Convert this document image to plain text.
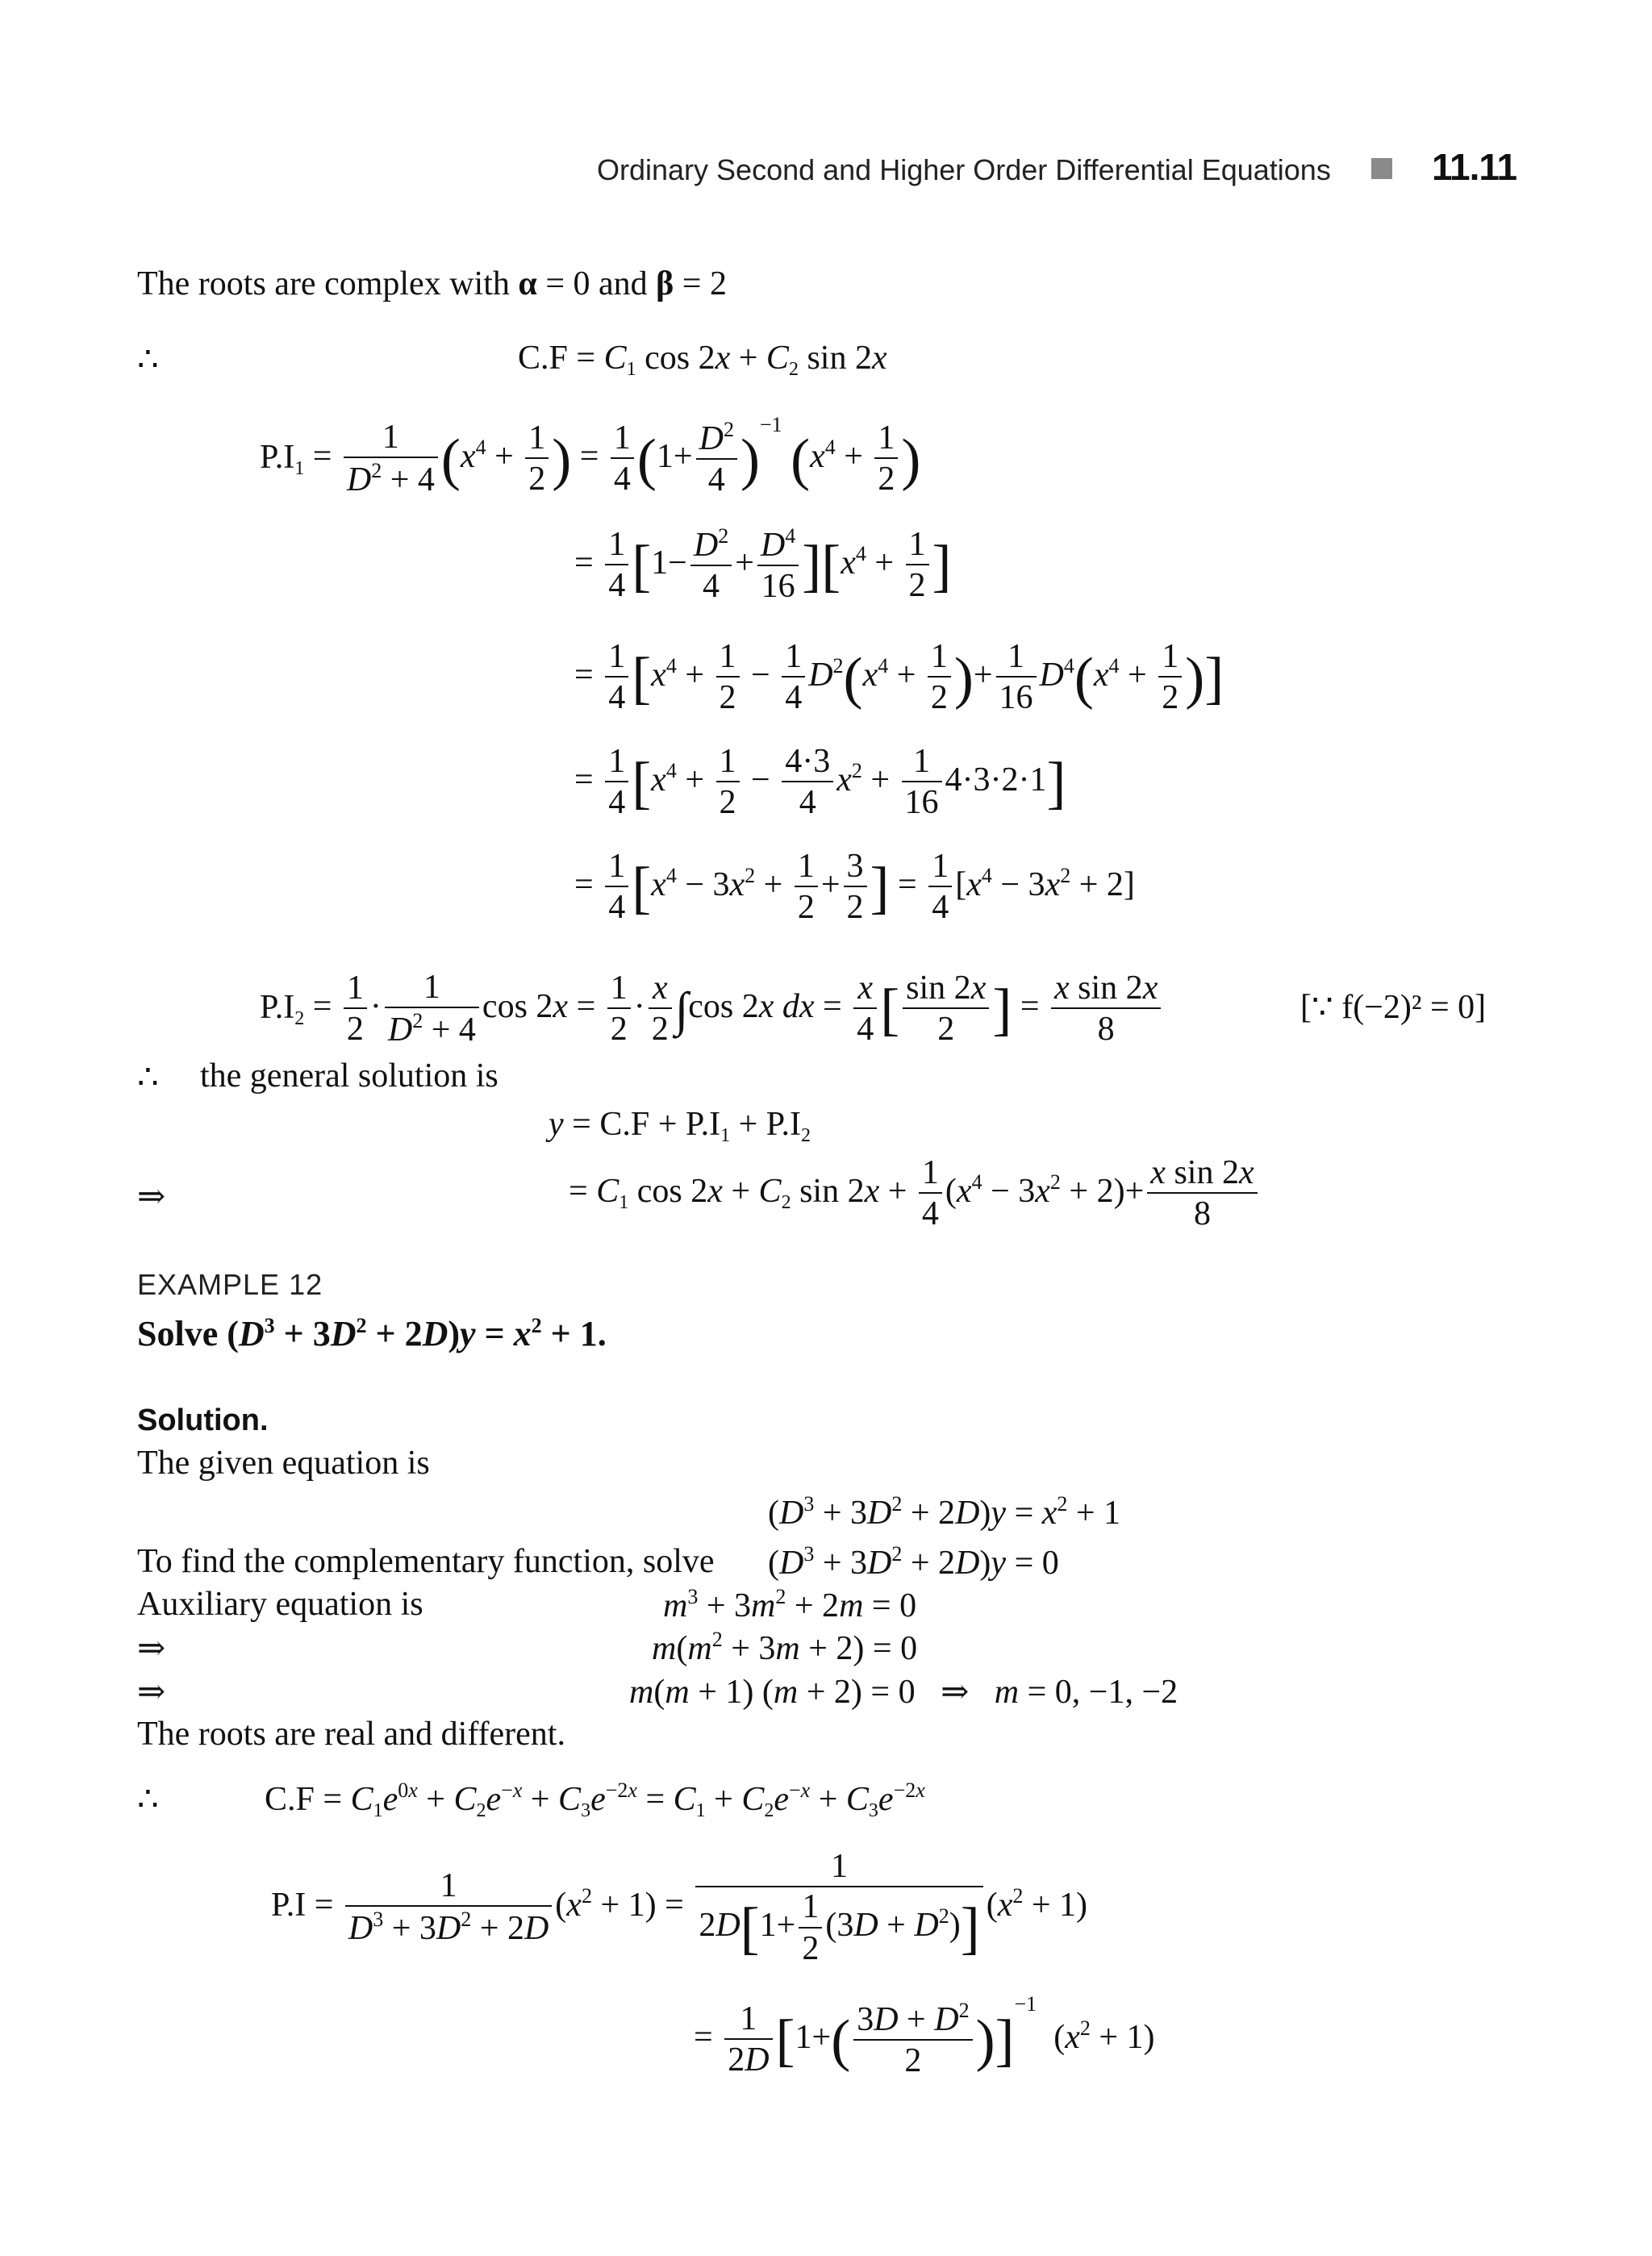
Ordinary Second and Higher Order Differential Equations	11.11
The roots are complex with α = 0 and β = 2
∴	$C.F = C_1$ $\cos 2x + C_2$ sin 2x
$P.I_1 = \frac{1}{D^2 + 4} (x^4 + \frac{1}{2}$ ) = $\frac{1}{4} (1+ \frac{D^2}{4} )^{-1}$ ($x^4 + \frac{1}{2}$ )
= $\frac{1}{4} [1- \frac{D^2}{4} + \frac{D^4}{16} ][x^4 + \frac{1}{2}$ ]
= $\frac{1}{4} [x^4 + \frac{1}{2} - \frac{1}{4} D^2(x^4 + \frac{1}{2}$ )+ $\frac{1}{16} D^4(x^4 + \frac{1}{2}$ )]
= $\frac{1}{4} [x^4 + \frac{1}{2} - \frac{4\cdot 3}{4} x^2 + \frac{1}{16} 4\cdot 3\cdot 2\cdot 1]$
= $\frac{1}{4} [x^4 - 3x^2 + \frac{1}{2} + \frac{3}{2}$ ] = $\frac{1}{4} [x^4 - 3x^2 + 2]$
$P.I_2 = \frac{1}{2} \cdot \frac{1}{D^2 + 4}$ $\cos 2x = \frac{1}{2} \cdot \frac{x}{2} \int\cos$ 2x dx = $\frac{x}{4}$ [ $\frac{\sin 2x}{2}$ ] = $\frac{\text{x sin 2x}}{8}$	[∵ f(−2)² = 0]
∴ the general solution is
$y = C.F + P.I_1 + P.I_2$
⇒	= $C_1$ $\cos 2x + C_2$ $\sin 2x + \frac{1}{4} (x^4 - 3x^2 + 2)+ \frac{\text{x sin 2x}}{8}$
EXAMPLE 12
Solve $(D^3 + 3D^2 + 2D)y = x^2 + 1$.
Solution.
The given equation is
$(D^3 + 3D^2 + 2D)y = x^2 + 1$
To find the complementary function, solve $(D^3 + 3D^2 + 2D)y = 0$
Auxiliary equation is	$m^3 + 3m^2 + 2m = 0$
⇒	$m(m^2 + 3m + 2) = 0$
⇒	m(m + 1) (m + 2) = 0   ⇒   m = 0, −1, −2
The roots are real and different.
∴	$C.F = C_1e^{0x} + C_2e^{-x} + C_3e^{-2x} = C_1 + C_2e^{-x} + C_3e^{-2x}$
$P.I = \frac{1}{D^3 + 3D^2 + 2D} (x^2 + 1) = \frac{1}{2D[1+ \frac{1}{2} (3D + D^2)]} (x^2 + 1)$
= $\frac{1}{2D} [1+( \frac{3D + D^2}{2} )]^{-1}$  $(x^2 + 1)$
